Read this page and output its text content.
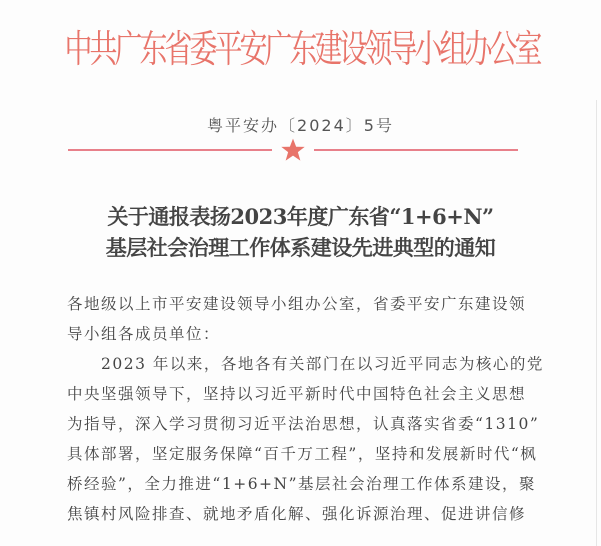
中共广东省委平安广东建设领导小组办公室
粤平安办〔2024〕5号
关于通报表扬2023年度广东省“1+6+N”
基层社会治理工作体系建设先进典型的通知
各地级以上市平安建设领导小组办公室，省委平安广东建设领
导小组各成员单位：
　　2023 年以来，各地各有关部门在以习近平同志为核心的党
中央坚强领导下，坚持以习近平新时代中国特色社会主义思想
为指导，深入学习贯彻习近平法治思想，认真落实省委“1310”
具体部署，坚定服务保障“百千万工程”，坚持和发展新时代“枫
桥经验”，全力推进“1+6+N”基层社会治理工作体系建设，聚
焦镇村风险排查、就地矛盾化解、强化诉源治理、促进讲信修
